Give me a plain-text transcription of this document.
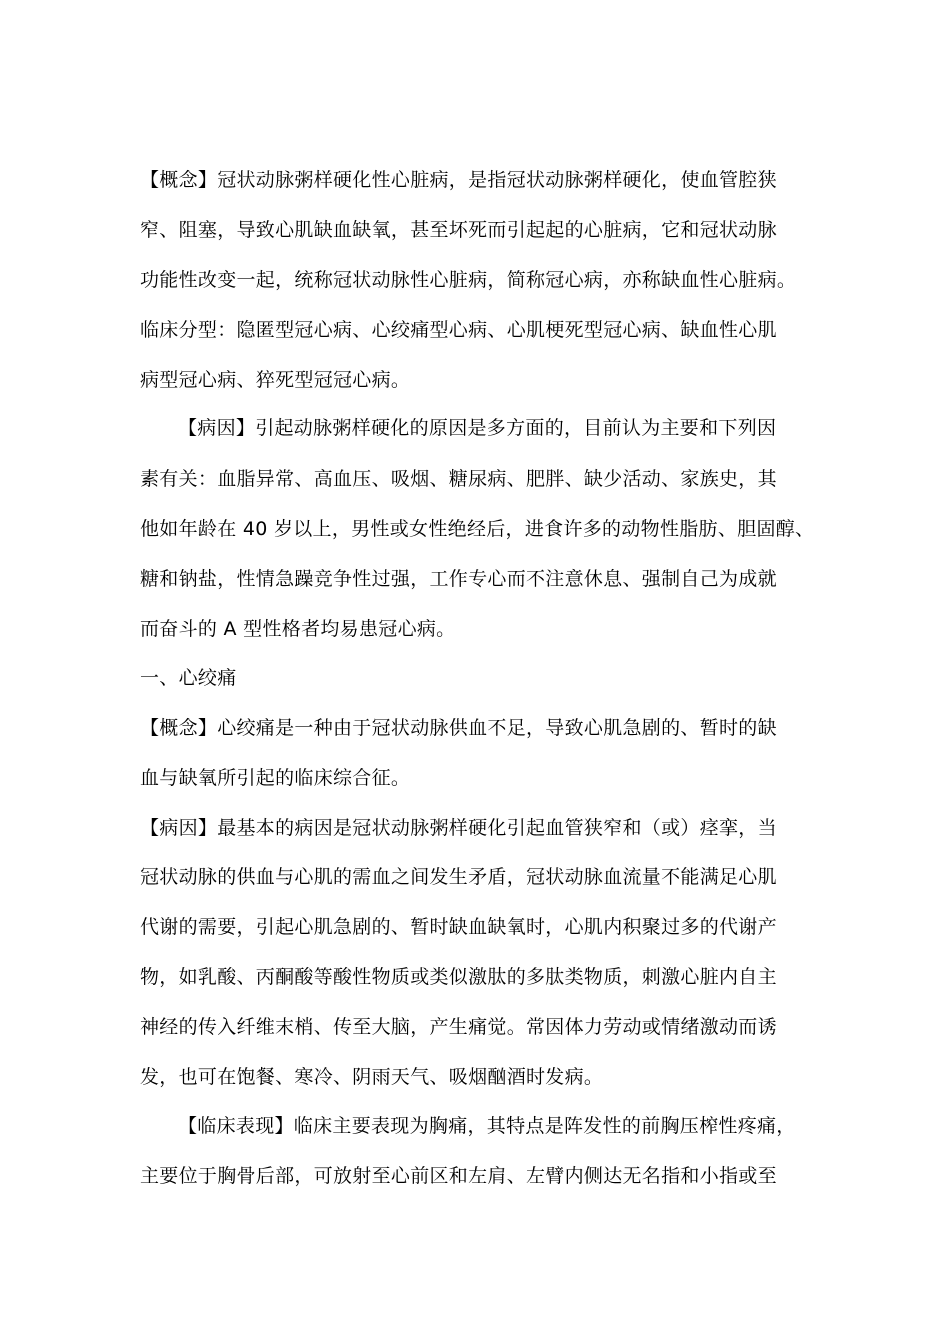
【概念】冠状动脉粥样硬化性心脏病，是指冠状动脉粥样硬化，使血管腔狭
窄、阻塞，导致心肌缺血缺氧，甚至坏死而引起起的心脏病，它和冠状动脉
功能性改变一起，统称冠状动脉性心脏病，简称冠心病，亦称缺血性心脏病。
临床分型：隐匿型冠心病、心绞痛型心病、心肌梗死型冠心病、缺血性心肌
病型冠心病、猝死型冠冠心病。
【病因】引起动脉粥样硬化的原因是多方面的，目前认为主要和下列因
素有关：血脂异常、高血压、吸烟、糖尿病、肥胖、缺少活动、家族史，其
他如年龄在 40 岁以上，男性或女性绝经后，进食许多的动物性脂肪、胆固醇、
糖和钠盐，性情急躁竞争性过强，工作专心而不注意休息、强制自己为成就
而奋斗的 A 型性格者均易患冠心病。
一、心绞痛
【概念】心绞痛是一种由于冠状动脉供血不足，导致心肌急剧的、暂时的缺
血与缺氧所引起的临床综合征。
【病因】最基本的病因是冠状动脉粥样硬化引起血管狭窄和（或）痉挛，当
冠状动脉的供血与心肌的需血之间发生矛盾，冠状动脉血流量不能满足心肌
代谢的需要，引起心肌急剧的、暂时缺血缺氧时，心肌内积聚过多的代谢产
物，如乳酸、丙酮酸等酸性物质或类似激肽的多肽类物质，刺激心脏内自主
神经的传入纤维末梢、传至大脑，产生痛觉。常因体力劳动或情绪激动而诱
发，也可在饱餐、寒冷、阴雨天气、吸烟酗酒时发病。
【临床表现】临床主要表现为胸痛，其特点是阵发性的前胸压榨性疼痛，
主要位于胸骨后部，可放射至心前区和左肩、左臂内侧达无名指和小指或至
